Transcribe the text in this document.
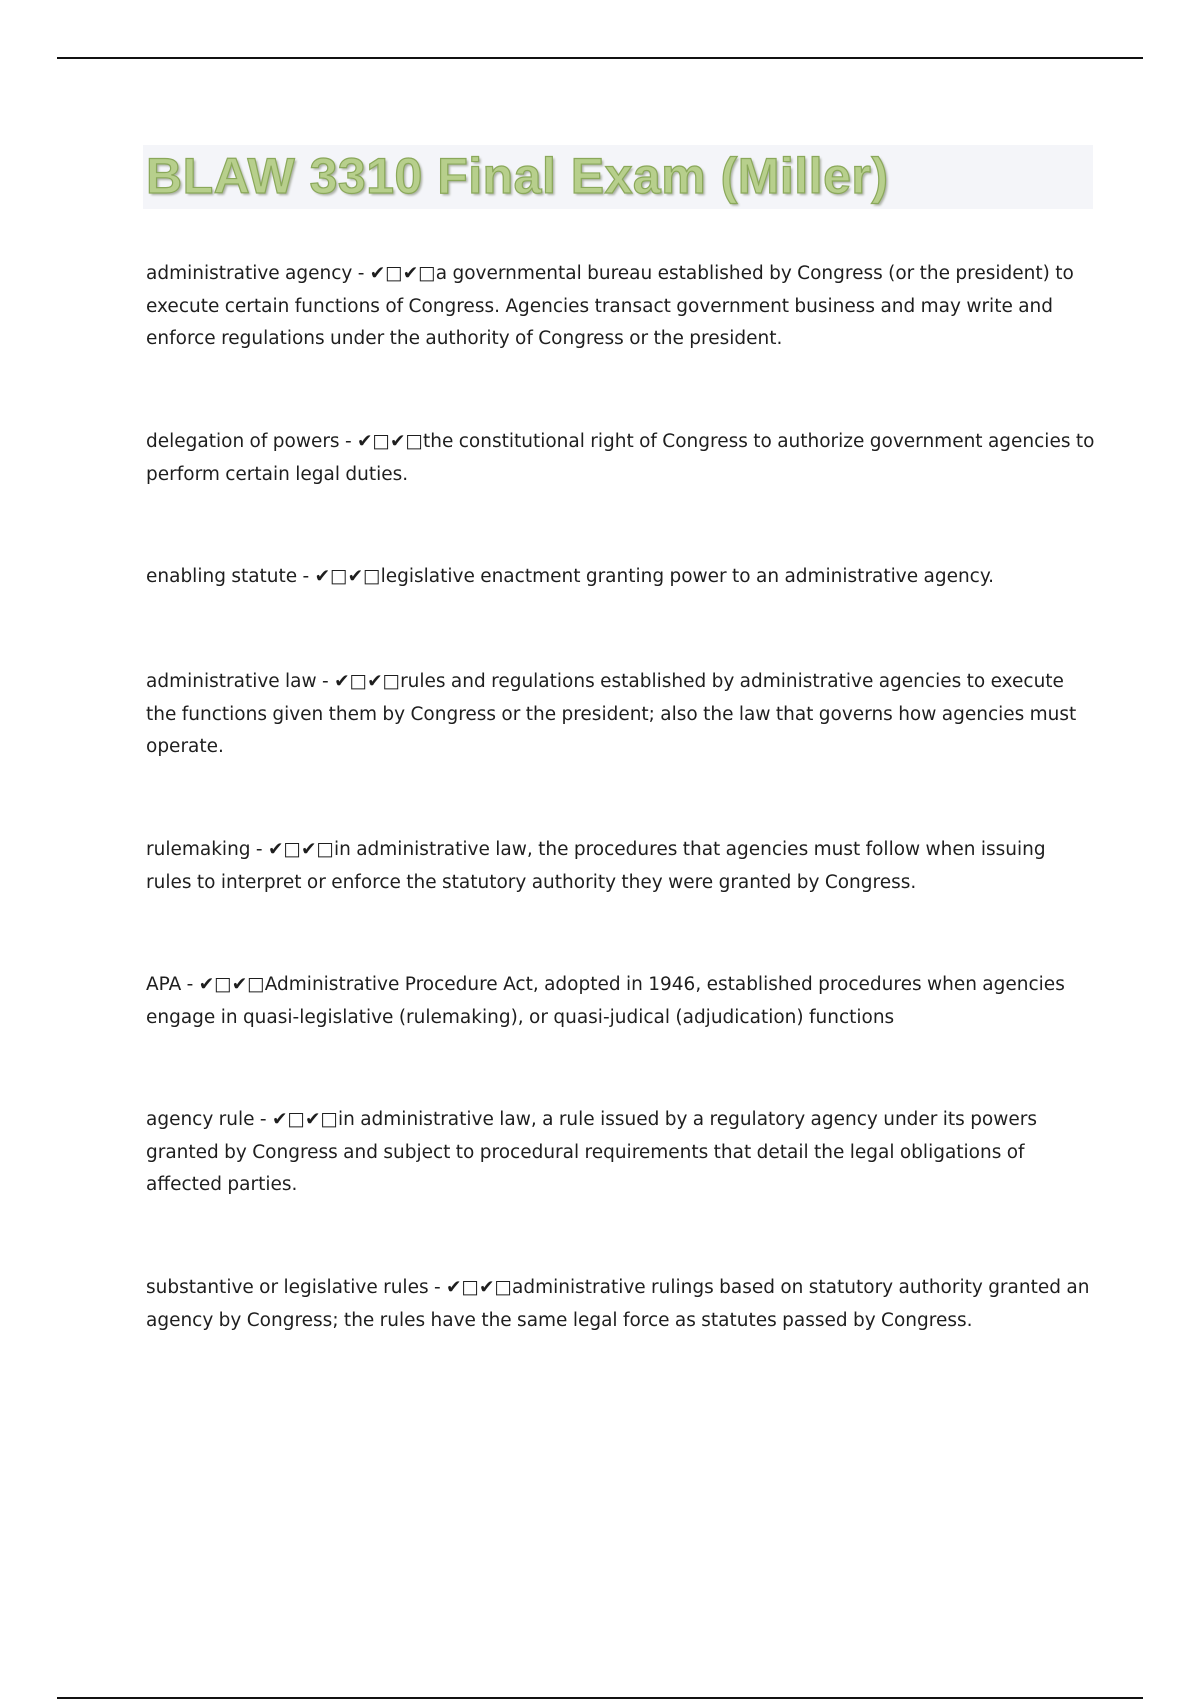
BLAW 3310 Final Exam (Miller)

administrative agency - ✔□✔□a governmental bureau established by Congress (or the president) to execute certain functions of Congress. Agencies transact government business and may write and enforce regulations under the authority of Congress or the president.

delegation of powers - ✔□✔□the constitutional right of Congress to authorize government agencies to perform certain legal duties.

enabling statute - ✔□✔□legislative enactment granting power to an administrative agency.

administrative law - ✔□✔□rules and regulations established by administrative agencies to execute the functions given them by Congress or the president; also the law that governs how agencies must operate.

rulemaking - ✔□✔□in administrative law, the procedures that agencies must follow when issuing rules to interpret or enforce the statutory authority they were granted by Congress.

APA - ✔□✔□Administrative Procedure Act, adopted in 1946, established procedures when agencies engage in quasi-legislative (rulemaking), or quasi-judical (adjudication) functions

agency rule - ✔□✔□in administrative law, a rule issued by a regulatory agency under its powers granted by Congress and subject to procedural requirements that detail the legal obligations of affected parties.

substantive or legislative rules - ✔□✔□administrative rulings based on statutory authority granted an agency by Congress; the rules have the same legal force as statutes passed by Congress.
